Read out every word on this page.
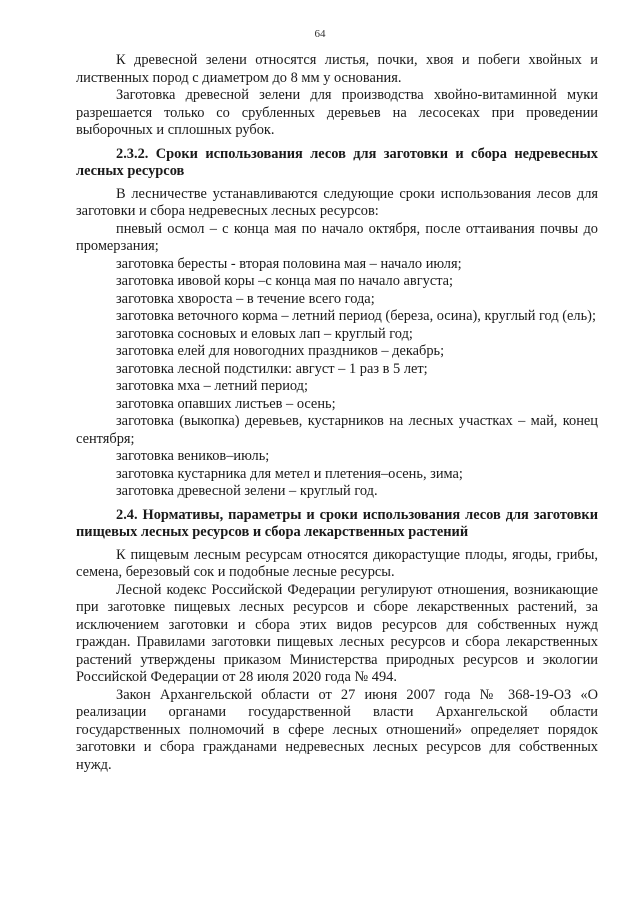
64

К древесной зелени относятся листья, почки, хвоя и побеги хвойных и лиственных пород с диаметром до 8 мм у основания.

Заготовка древесной зелени для производства хвойно-витаминной муки разрешается только со срубленных деревьев на лесосеках при проведении выборочных и сплошных рубок.

2.3.2. Сроки использования лесов для заготовки и сбора недревесных лесных ресурсов

В лесничестве устанавливаются следующие сроки использования лесов для заготовки и сбора недревесных лесных ресурсов:

пневый осмол – с конца мая по начало октября, после оттаивания почвы до промерзания;

заготовка бересты - вторая половина мая – начало июля;

заготовка ивовой коры –с конца мая по начало августа;

заготовка хвороста – в течение всего года;

заготовка веточного корма – летний период (береза, осина), круглый год (ель);

заготовка сосновых и еловых лап – круглый год;

заготовка елей для новогодних праздников – декабрь;

заготовка лесной подстилки: август – 1 раз в 5 лет;

заготовка мха – летний период;

заготовка опавших листьев – осень;

заготовка (выкопка) деревьев, кустарников на лесных участках – май, конец сентября;

заготовка веников–июль;

заготовка кустарника для метел и плетения–осень, зима;

заготовка древесной зелени – круглый год.

2.4. Нормативы, параметры и сроки использования лесов для заготовки пищевых лесных ресурсов и сбора лекарственных растений

К пищевым лесным ресурсам относятся дикорастущие плоды, ягоды, грибы, семена, березовый сок и подобные лесные ресурсы.

Лесной кодекс Российской Федерации регулируют отношения, возникающие при заготовке пищевых лесных ресурсов и сборе лекарственных растений, за исключением заготовки и сбора этих видов ресурсов для собственных нужд граждан. Правилами заготовки пищевых лесных ресурсов и сбора лекарственных растений утверждены приказом Министерства природных ресурсов и экологии Российской Федерации от 28 июля 2020 года № 494.

Закон Архангельской области от 27 июня 2007 года № 368-19-ОЗ «О реализации органами государственной власти Архангельской области государственных полномочий в сфере лесных отношений» определяет порядок заготовки и сбора гражданами недревесных лесных ресурсов для собственных нужд.
